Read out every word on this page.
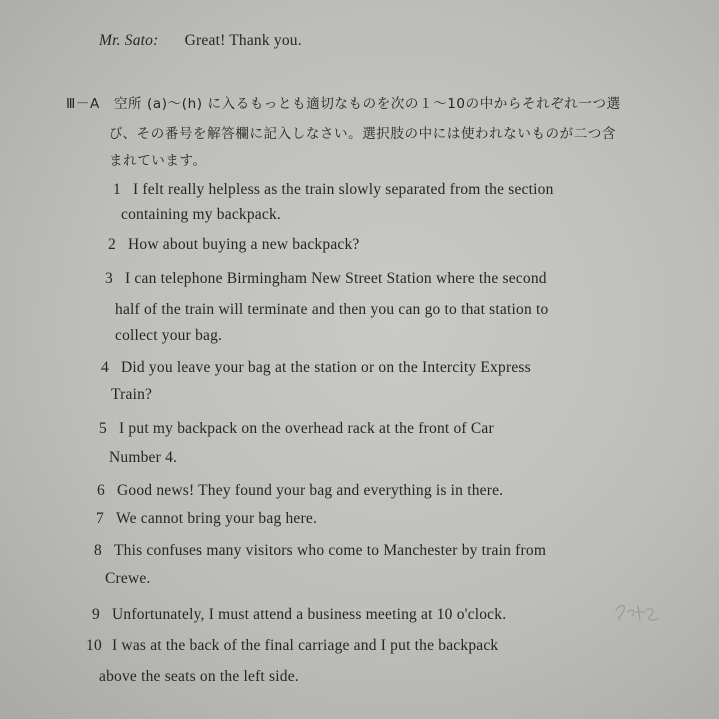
Mr. Sato: Great! Thank you.
Ⅲ－A　空所 (a)〜(h) に入るもっとも適切なものを次の１〜10の中からそれぞれ一つ選
び、その番号を解答欄に記入しなさい。選択肢の中には使われないものが二つ含
まれています。
1 I felt really helpless as the train slowly separated from the section
containing my backpack.
2 How about buying a new backpack?
3 I can telephone Birmingham New Street Station where the second
half of the train will terminate and then you can go to that station to
collect your bag.
4 Did you leave your bag at the station or on the Intercity Express
Train?
5 I put my backpack on the overhead rack at the front of Car
Number 4.
6 Good news! They found your bag and everything is in there.
7 We cannot bring your bag here.
8 This confuses many visitors who come to Manchester by train from
Crewe.
9 Unfortunately, I must attend a business meeting at 10 o'clock.
10 I was at the back of the final carriage and I put the backpack
above the seats on the left side.
